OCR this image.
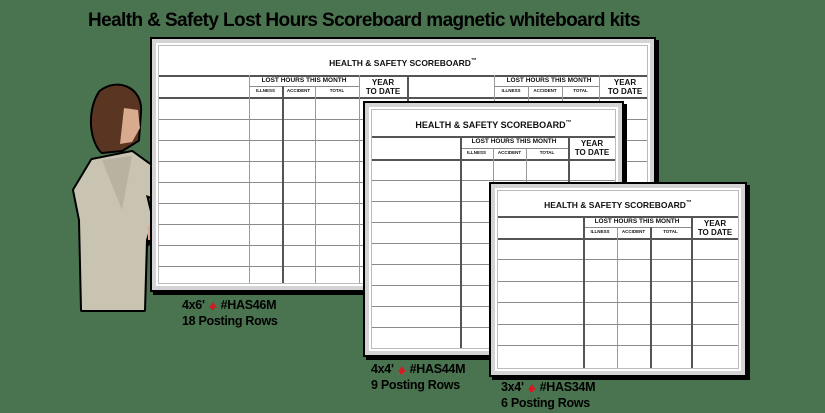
Health & Safety Lost Hours Scoreboard magnetic whiteboard kits
HEALTH & SAFETY SCOREBOARD™
LOST HOURS THIS MONTH
ILLNESS	ACCIDENT	TOTAL
YEAR
TO DATE
LOST HOURS THIS MONTH
ILLNESS	ACCIDENT	TOTAL
YEAR
TO DATE
HEALTH & SAFETY SCOREBOARD™
LOST HOURS THIS MONTH
ILLNESS	ACCIDENT	TOTAL
YEAR
TO DATE
HEALTH & SAFETY SCOREBOARD™
LOST HOURS THIS MONTH
ILLNESS	ACCIDENT	TOTAL
YEAR
TO DATE
4x6' #HAS46M
18 Posting Rows
4x4' #HAS44M
9 Posting Rows	3x4' #HAS34M
6 Posting Rows
